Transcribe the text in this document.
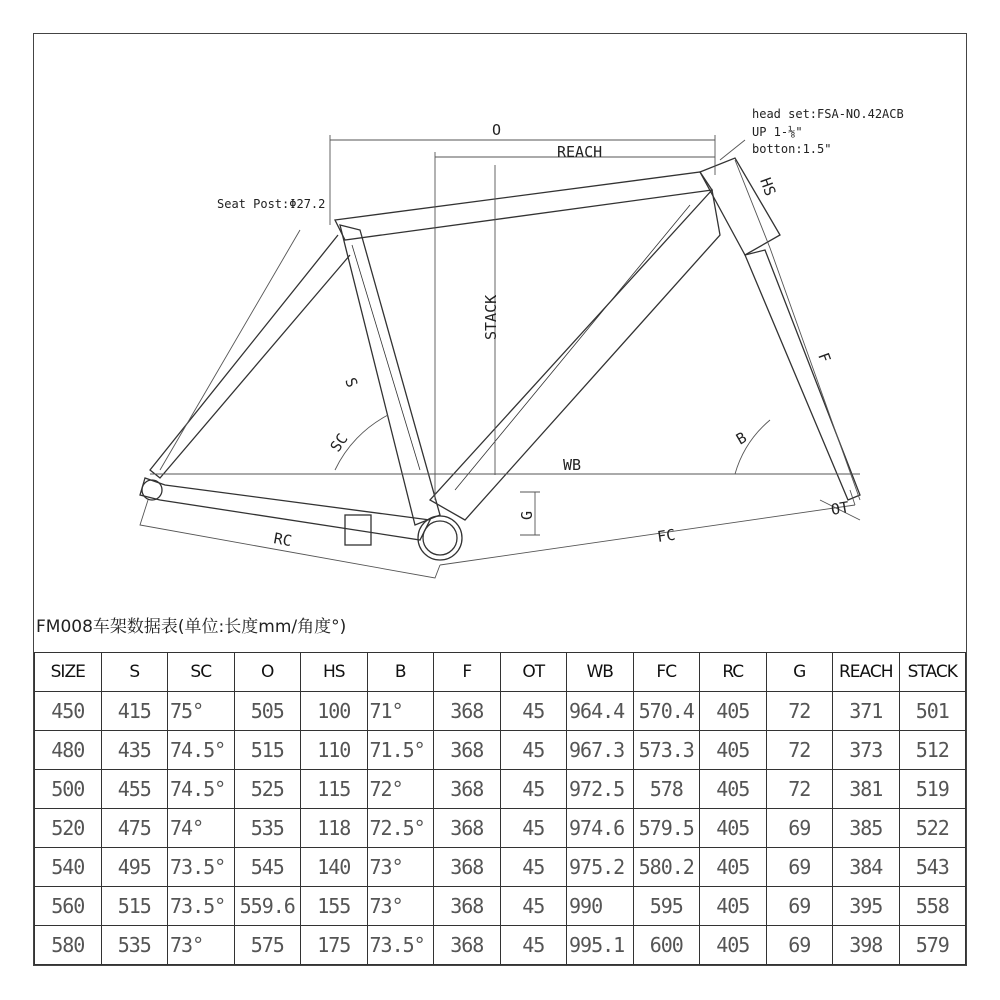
O
REACH
STACK
HS
F
B
SC
S
WB
G
RC	FC
OT
Seat Post:Φ27.2
head set:FSA-NO.42ACB
UP 1-⅛"
botton:1.5"
FM008车架数据表(单位:长度mm/角度°)
SIZE	S	SC	O	HS	B	F	OT	WB	FC	RC	G	REACH	STACK
450	415	75°	505	100	71°	368	45	964.4	570.4	405	72	371	501
480	435	74.5°	515	110	71.5°	368	45	967.3	573.3	405	72	373	512
500	455	74.5°	525	115	72°	368	45	972.5	578	405	72	381	519
520	475	74°	535	118	72.5°	368	45	974.6	579.5	405	69	385	522
540	495	73.5°	545	140	73°	368	45	975.2	580.2	405	69	384	543
560	515	73.5°	559.6	155	73°	368	45	990	595	405	69	395	558
580	535	73°	575	175	73.5°	368	45	995.1	600	405	69	398	579
